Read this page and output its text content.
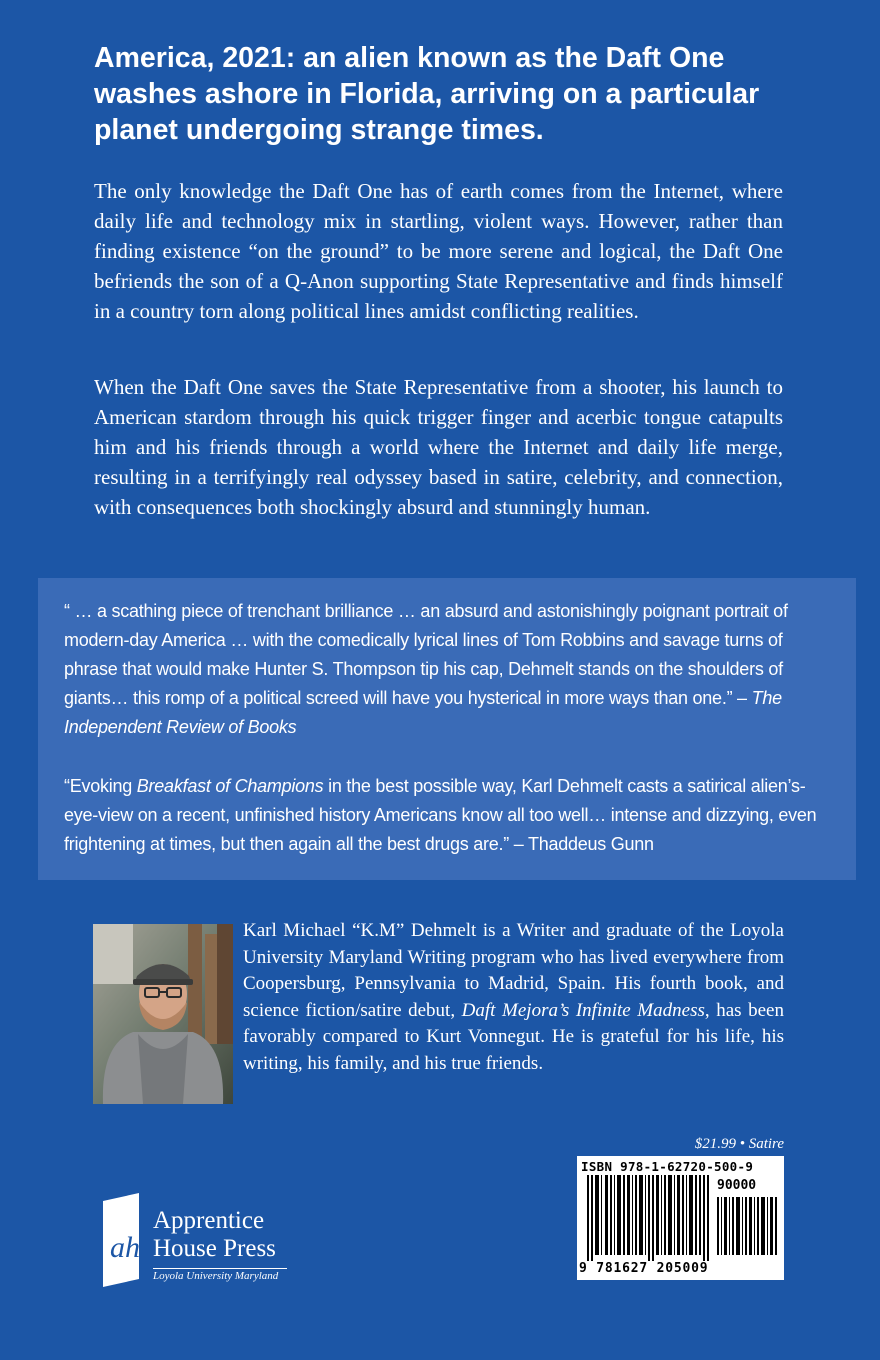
America, 2021: an alien known as the Daft One washes ashore in Florida, arriving on a particular planet undergoing strange times.

The only knowledge the Daft One has of earth comes from the Internet, where daily life and technology mix in startling, violent ways. However, rather than finding existence “on the ground” to be more serene and logical, the Daft One befriends the son of a Q-Anon supporting State Representative and finds himself in a country torn along political lines amidst conflicting realities.

When the Daft One saves the State Representative from a shooter, his launch to American stardom through his quick trigger finger and acerbic tongue catapults him and his friends through a world where the Internet and daily life merge, resulting in a terrifyingly real odyssey based in satire, celebrity, and connection, with consequences both shockingly absurd and stunningly human.

“ … a scathing piece of trenchant brilliance … an absurd and astonishingly poignant portrait of modern-day America … with the comedically lyrical lines of Tom Robbins and savage turns of phrase that would make Hunter S. Thompson tip his cap, Dehmelt stands on the shoulders of giants… this romp of a political screed will have you hysterical in more ways than one.” – The Independent Review of Books

“Evoking Breakfast of Champions in the best possible way, Karl Dehmelt casts a satirical alien’s-eye-view on a recent, unfinished history Americans know all too well… intense and dizzying, even frightening at times, but then again all the best drugs are.” – Thaddeus Gunn

Karl Michael “K.M” Dehmelt is a Writer and graduate of the Loyola University Maryland Writing program who has lived everywhere from Coopersburg, Pennsylvania to Madrid, Spain. His fourth book, and science fiction/satire debut, Daft Mejora’s Infinite Madness, has been favorably compared to Kurt Vonnegut. He is grateful for his life, his writing, his family, and his true friends.

$21.99 • Satire
ISBN 978-1-62720-500-9
90000
9 781627 205009
ah
Apprentice
House Press
Loyola University Maryland
